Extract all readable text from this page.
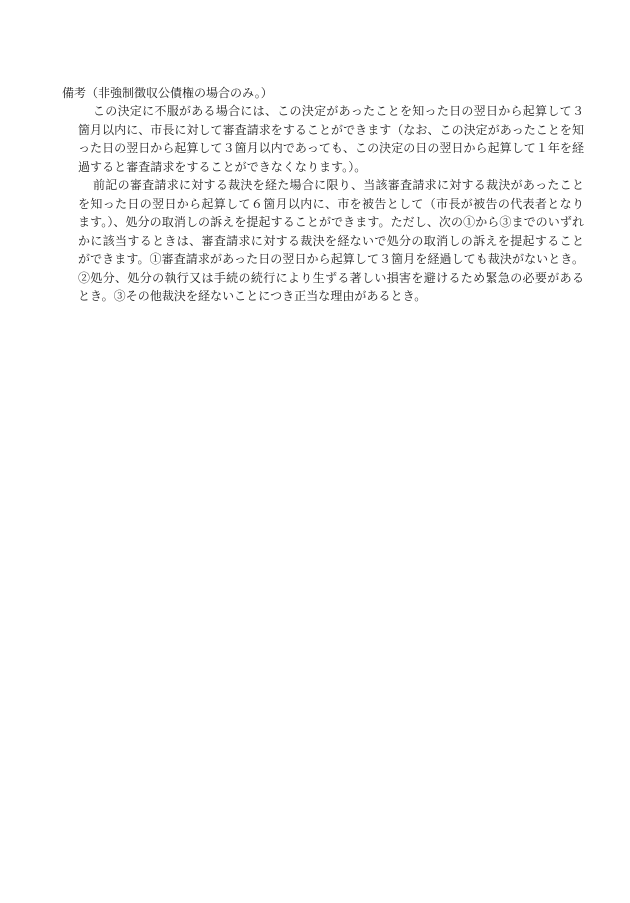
備考（非強制徴収公債権の場合のみ。）

この決定に不服がある場合には、この決定があったことを知った日の翌日から起算して３箇月以内に、市長に対して審査請求をすることができます（なお、この決定があったことを知った日の翌日から起算して３箇月以内であっても、この決定の日の翌日から起算して１年を経過すると審査請求をすることができなくなります。）。

前記の審査請求に対する裁決を経た場合に限り、当該審査請求に対する裁決があったことを知った日の翌日から起算して６箇月以内に、市を被告として（市長が被告の代表者となります。）、処分の取消しの訴えを提起することができます。ただし、次の①から③までのいずれかに該当するときは、審査請求に対する裁決を経ないで処分の取消しの訴えを提起することができます。①審査請求があった日の翌日から起算して３箇月を経過しても裁決がないとき。②処分、処分の執行又は手続の続行により生ずる著しい損害を避けるため緊急の必要があるとき。③その他裁決を経ないことにつき正当な理由があるとき。
